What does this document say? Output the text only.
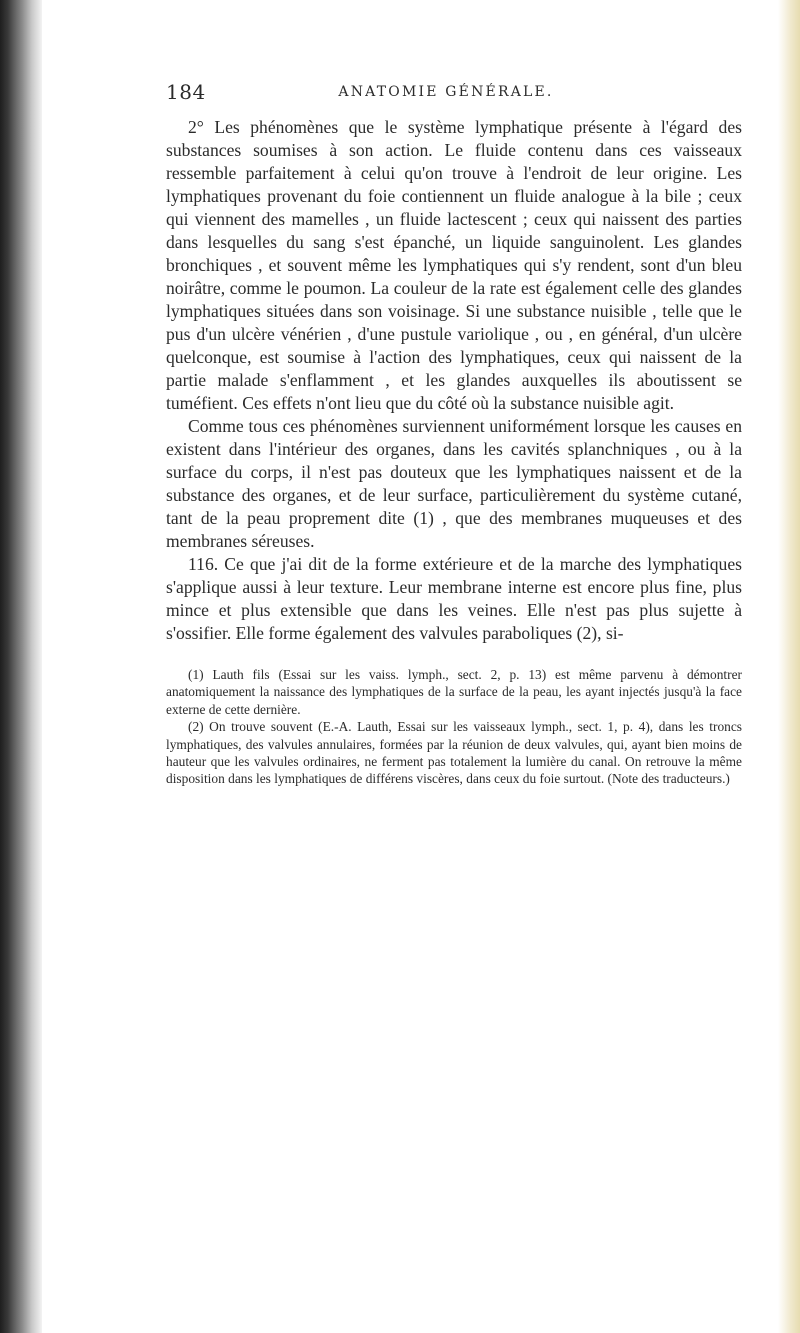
184	ANATOMIE GÉNÉRALE.

2° Les phénomènes que le système lymphatique présente à l'égard des substances soumises à son action. Le fluide contenu dans ces vaisseaux ressemble parfaitement à celui qu'on trouve à l'endroit de leur origine. Les lymphatiques provenant du foie contiennent un fluide analogue à la bile ; ceux qui viennent des mamelles , un fluide lactescent ; ceux qui naissent des parties dans lesquelles du sang s'est épanché, un liquide sanguinolent. Les glandes bronchiques , et souvent même les lymphatiques qui s'y rendent, sont d'un bleu noirâtre, comme le poumon. La couleur de la rate est également celle des glandes lymphatiques situées dans son voisinage. Si une substance nuisible , telle que le pus d'un ulcère vénérien , d'une pustule variolique , ou , en général, d'un ulcère quelconque, est soumise à l'action des lymphatiques, ceux qui naissent de la partie malade s'enflamment , et les glandes auxquelles ils aboutissent se tuméfient. Ces effets n'ont lieu que du côté où la substance nuisible agit.

Comme tous ces phénomènes surviennent uniformément lorsque les causes en existent dans l'intérieur des organes, dans les cavités splanchniques , ou à la surface du corps, il n'est pas douteux que les lymphatiques naissent et de la substance des organes, et de leur surface, particulièrement du système cutané, tant de la peau proprement dite (1) , que des membranes muqueuses et des membranes séreuses.

116. Ce que j'ai dit de la forme extérieure et de la marche des lymphatiques s'applique aussi à leur texture. Leur membrane interne est encore plus fine, plus mince et plus extensible que dans les veines. Elle n'est pas plus sujette à s'ossifier. Elle forme également des valvules paraboliques (2), si-

(1) Lauth fils (Essai sur les vaiss. lymph., sect. 2, p. 13) est même parvenu à démontrer anatomiquement la naissance des lymphatiques de la surface de la peau, les ayant injectés jusqu'à la face externe de cette dernière.

(2) On trouve souvent (E.-A. Lauth, Essai sur les vaisseaux lymph., sect. 1, p. 4), dans les troncs lymphatiques, des valvules annulaires, formées par la réunion de deux valvules, qui, ayant bien moins de hauteur que les valvules ordinaires, ne ferment pas totalement la lumière du canal. On retrouve la même disposition dans les lymphatiques de différens viscères, dans ceux du foie surtout. (Note des traducteurs.)
